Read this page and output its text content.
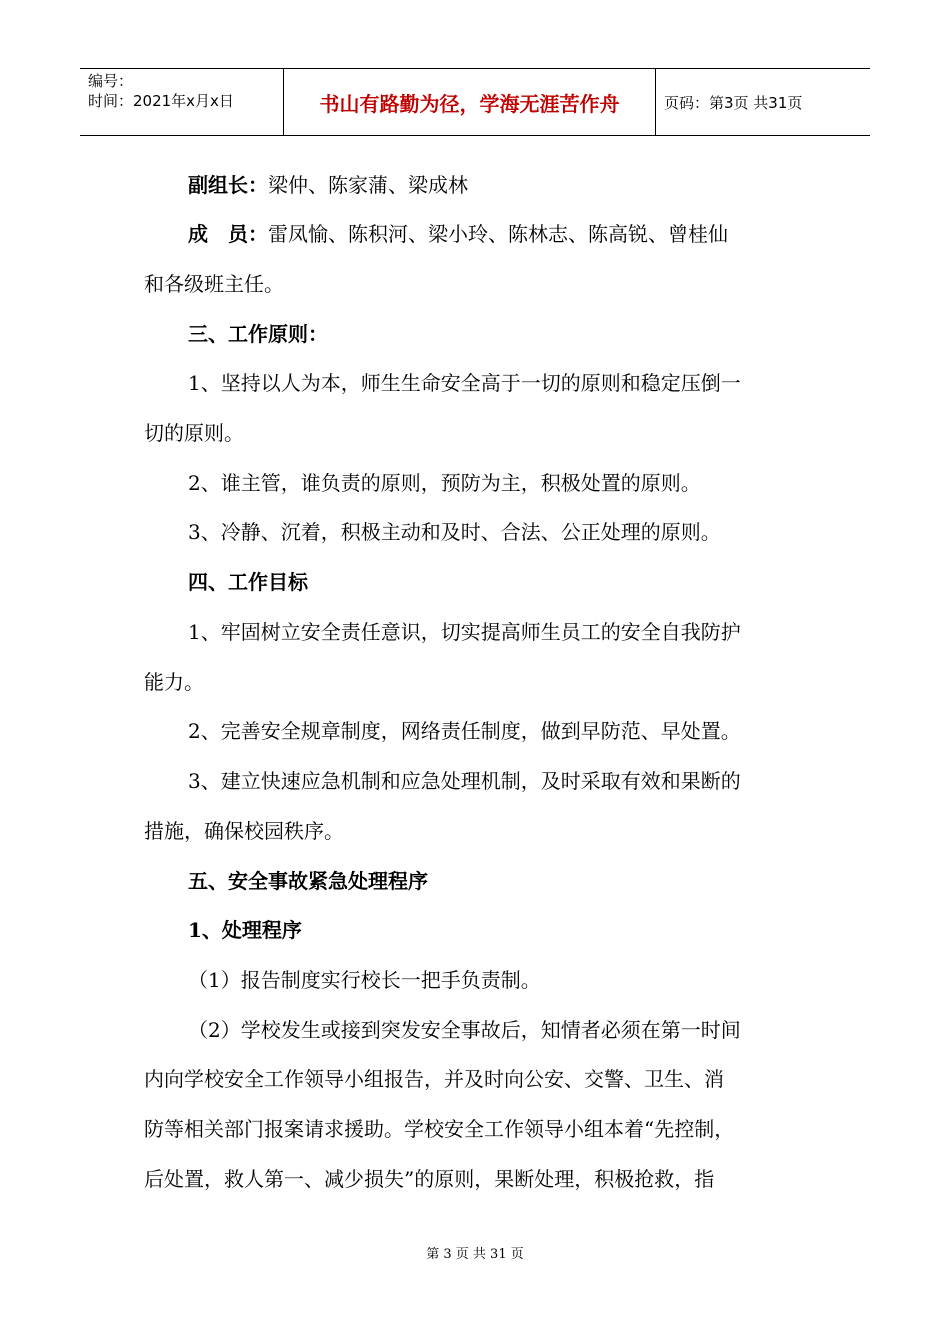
编号：
时间：2021年x月x日	书山有路勤为径，学海无涯苦作舟	页码：第3页 共31页
副组长：梁仲、陈家蒲、梁成林
成　员：雷凤愉、陈积河、梁小玲、陈林志、陈高锐、曾桂仙
和各级班主任。
三、工作原则：
1、坚持以人为本，师生生命安全高于一切的原则和稳定压倒一
切的原则。
2、谁主管，谁负责的原则，预防为主，积极处置的原则。
3、冷静、沉着，积极主动和及时、合法、公正处理的原则。
四、工作目标
1、牢固树立安全责任意识，切实提高师生员工的安全自我防护
能力。
2、完善安全规章制度，网络责任制度，做到早防范、早处置。
3、建立快速应急机制和应急处理机制，及时采取有效和果断的
措施，确保校园秩序。
五、安全事故紧急处理程序
1、处理程序
（1）报告制度实行校长一把手负责制。
（2）学校发生或接到突发安全事故后，知情者必须在第一时间
内向学校安全工作领导小组报告，并及时向公安、交警、卫生、消
防等相关部门报案请求援助。学校安全工作领导小组本着“先控制，
后处置，救人第一、减少损失”的原则，果断处理，积极抢救，指
第 3 页 共 31 页
